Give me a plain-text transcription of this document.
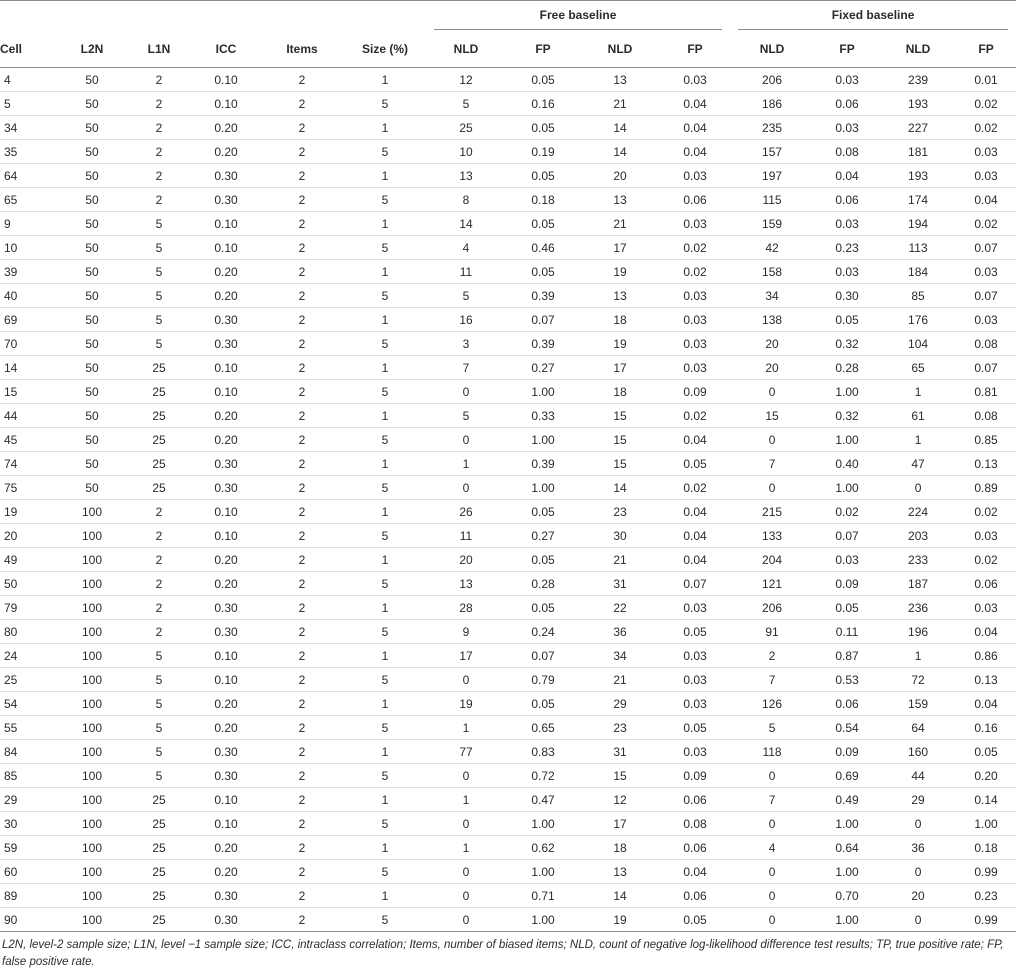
						Free baseline				Fixed baseline			

Cell	L2N	L1N	ICC	Items	Size (%)	NLD	FP	NLD	FP	NLD	FP	NLD	FP
4	50	2	0.10	2	1	12	0.05	13	0.03	206	0.03	239	0.01
5	50	2	0.10	2	5	5	0.16	21	0.04	186	0.06	193	0.02
34	50	2	0.20	2	1	25	0.05	14	0.04	235	0.03	227	0.02
35	50	2	0.20	2	5	10	0.19	14	0.04	157	0.08	181	0.03
64	50	2	0.30	2	1	13	0.05	20	0.03	197	0.04	193	0.03
65	50	2	0.30	2	5	8	0.18	13	0.06	115	0.06	174	0.04
9	50	5	0.10	2	1	14	0.05	21	0.03	159	0.03	194	0.02
10	50	5	0.10	2	5	4	0.46	17	0.02	42	0.23	113	0.07
39	50	5	0.20	2	1	11	0.05	19	0.02	158	0.03	184	0.03
40	50	5	0.20	2	5	5	0.39	13	0.03	34	0.30	85	0.07
69	50	5	0.30	2	1	16	0.07	18	0.03	138	0.05	176	0.03
70	50	5	0.30	2	5	3	0.39	19	0.03	20	0.32	104	0.08
14	50	25	0.10	2	1	7	0.27	17	0.03	20	0.28	65	0.07
15	50	25	0.10	2	5	0	1.00	18	0.09	0	1.00	1	0.81
44	50	25	0.20	2	1	5	0.33	15	0.02	15	0.32	61	0.08
45	50	25	0.20	2	5	0	1.00	15	0.04	0	1.00	1	0.85
74	50	25	0.30	2	1	1	0.39	15	0.05	7	0.40	47	0.13
75	50	25	0.30	2	5	0	1.00	14	0.02	0	1.00	0	0.89
19	100	2	0.10	2	1	26	0.05	23	0.04	215	0.02	224	0.02
20	100	2	0.10	2	5	11	0.27	30	0.04	133	0.07	203	0.03
49	100	2	0.20	2	1	20	0.05	21	0.04	204	0.03	233	0.02
50	100	2	0.20	2	5	13	0.28	31	0.07	121	0.09	187	0.06
79	100	2	0.30	2	1	28	0.05	22	0.03	206	0.05	236	0.03
80	100	2	0.30	2	5	9	0.24	36	0.05	91	0.11	196	0.04
24	100	5	0.10	2	1	17	0.07	34	0.03	2	0.87	1	0.86
25	100	5	0.10	2	5	0	0.79	21	0.03	7	0.53	72	0.13
54	100	5	0.20	2	1	19	0.05	29	0.03	126	0.06	159	0.04
55	100	5	0.20	2	5	1	0.65	23	0.05	5	0.54	64	0.16
84	100	5	0.30	2	1	77	0.83	31	0.03	118	0.09	160	0.05
85	100	5	0.30	2	5	0	0.72	15	0.09	0	0.69	44	0.20
29	100	25	0.10	2	1	1	0.47	12	0.06	7	0.49	29	0.14
30	100	25	0.10	2	5	0	1.00	17	0.08	0	1.00	0	1.00
59	100	25	0.20	2	1	1	0.62	18	0.06	4	0.64	36	0.18
60	100	25	0.20	2	5	0	1.00	13	0.04	0	1.00	0	0.99
89	100	25	0.30	2	1	0	0.71	14	0.06	0	0.70	20	0.23
90	100	25	0.30	2	5	0	1.00	19	0.05	0	1.00	0	0.99
L2N, level-2 sample size; L1N, level −1 sample size; ICC, intraclass correlation; Items, number of biased items; NLD, count of negative log-likelihood difference test results; TP, true positive rate; FP, false positive rate.
